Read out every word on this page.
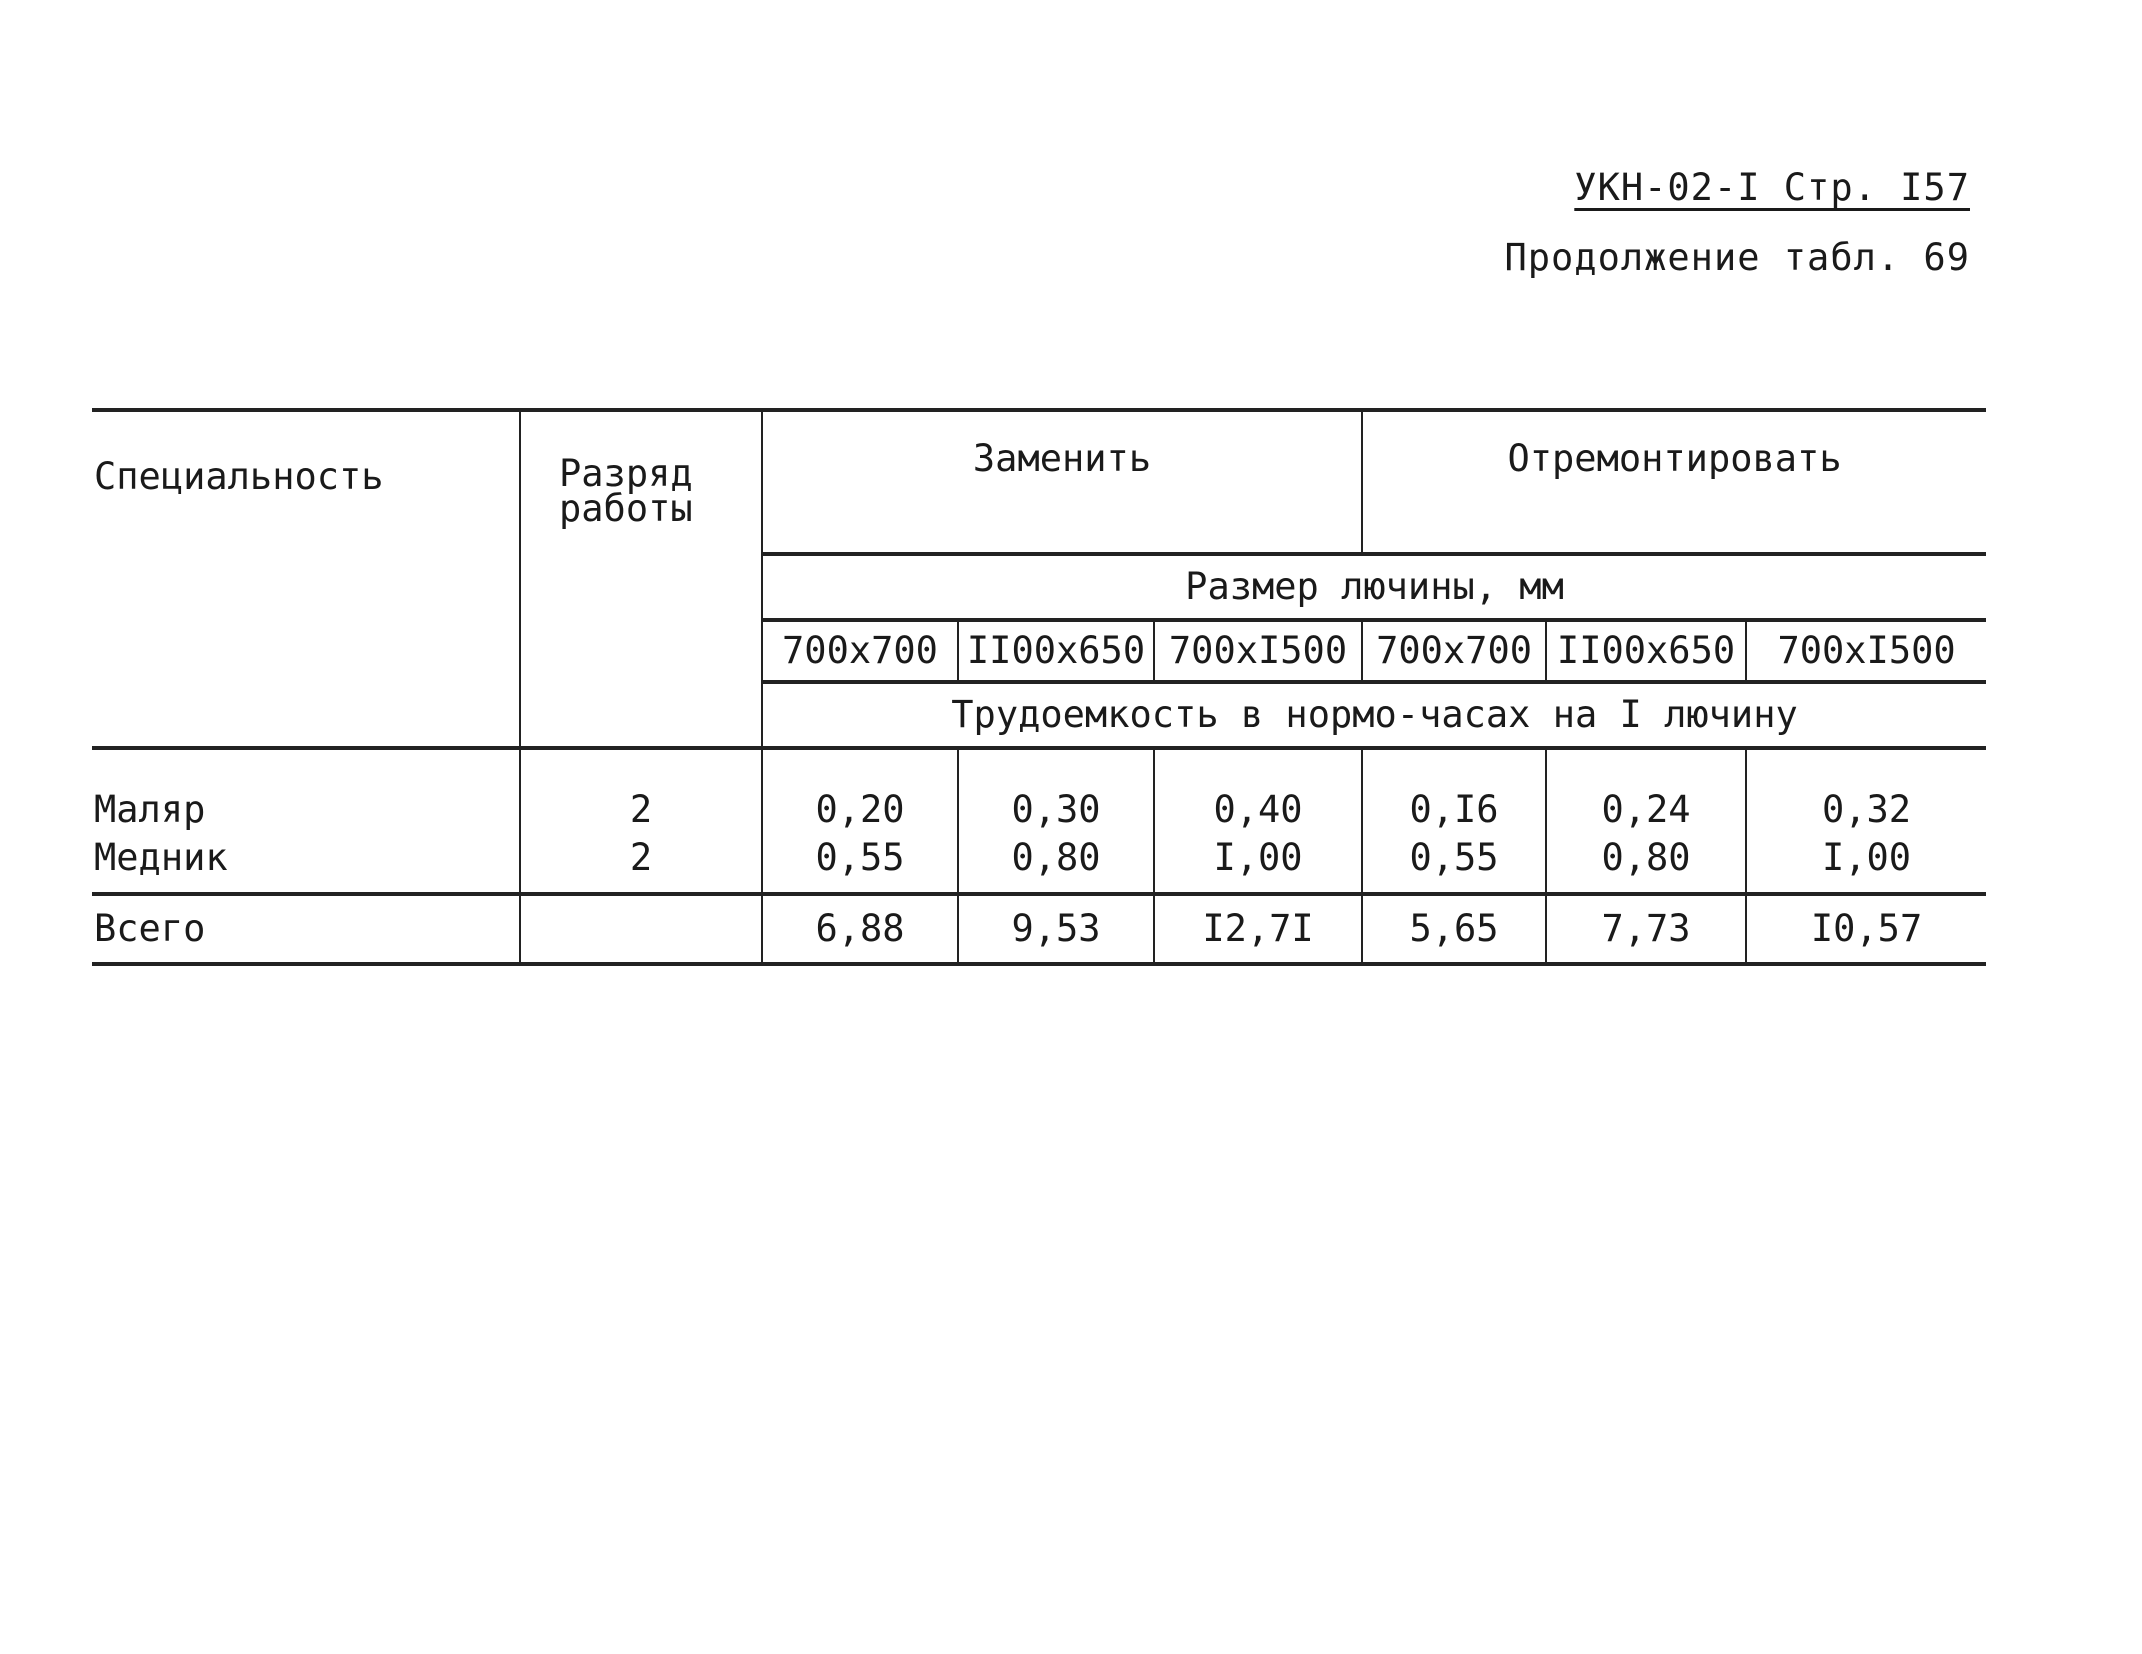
УКН-02-I Стр. I57
Продолжение табл. 69
Специальность	Разряд работы	Заменить			Отремонтировать		
		Размер лючины, мм					
		700x700	II00x650	700xI500	700x700	II00x650	700xI500
		Трудоемкость в нормо-часах на I лючину					
Маляр	2	0,20	0,30	0,40	0,I6	0,24	0,32
Медник	2	0,55	0,80	I,00	0,55	0,80	I,00
Всего		6,88	9,53	I2,7I	5,65	7,73	I0,57
